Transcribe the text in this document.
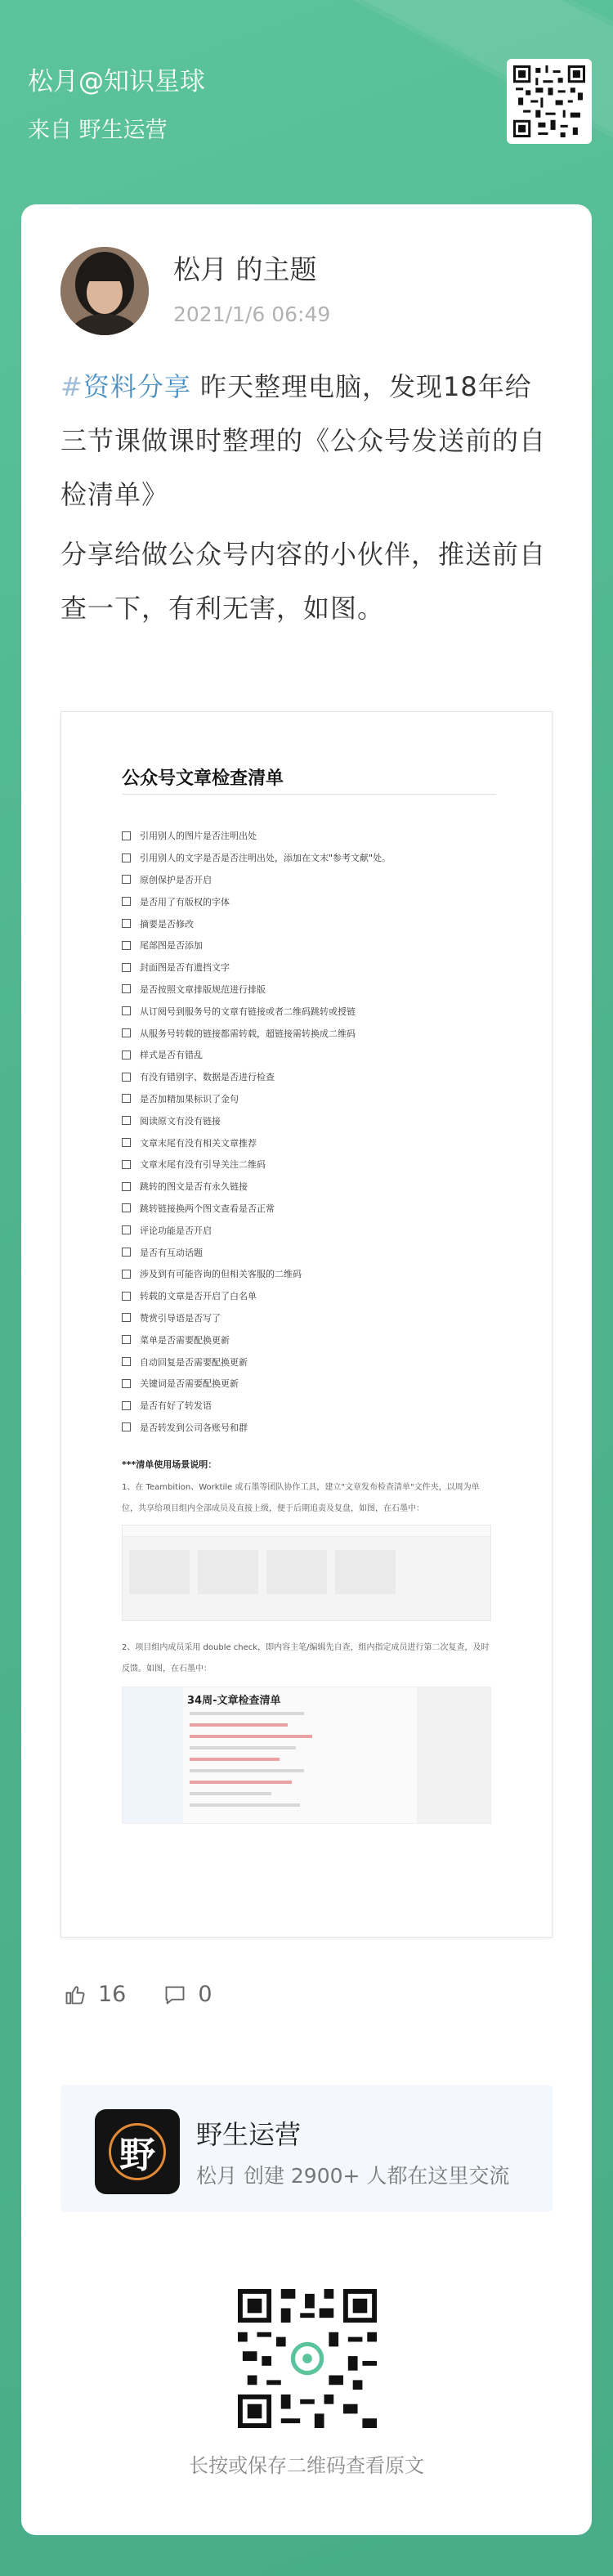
松月@知识星球
来自 野生运营
松月 的主题
2021/1/6 06:49
#资料分享 昨天整理电脑，发现18年给三节课做课时整理的《公众号发送前的自检清单》
分享给做公众号内容的小伙伴，推送前自查一下，有利无害，如图。
公众号文章检查清单
引用别人的图片是否注明出处
引用别人的文字是否是否注明出处，添加在文末"参考文献"处。
原创保护是否开启
是否用了有版权的字体
摘要是否修改
尾部图是否添加
封面图是否有遗挡文字
是否按照文章排版规范进行排版
从订阅号到服务号的文章有链接或者二维码跳转或授链
从服务号转载的链接都需转载，超链接需转换成二维码
样式是否有错乱
有没有错别字、数据是否进行检查
是否加精加果标识了金句
阅读原文有没有链接
文章末尾有没有相关文章推荐
文章末尾有没有引导关注二维码
跳转的图文是否有永久链接
跳转链接换两个图文查看是否正常
评论功能是否开启
是否有互动话题
涉及到有可能咨询的但相关客服的二维码
转载的文章是否开启了白名单
赞赏引导语是否写了
菜单是否需要配换更新
自动回复是否需要配换更新
关键词是否需要配换更新
是否有好了转发语
是否转发到公司各账号和群
***清单使用场景说明：
1、在 Teambition、Worktile 或石墨等团队协作工具，建立"文章发布检查清单"文件夹，以周为单位，共享给项目组内全部成员及直接上级，便于后期追责及复盘，如图，在石墨中：
2、项目组内成员采用 double check，即内容主笔/编辑先自查，组内指定成员进行第二次复查，及时反馈。如图，在石墨中：
34周-文章检查清单
16	0
野	野生运营
松月 创建 2900+ 人都在这里交流
长按或保存二维码查看原文
